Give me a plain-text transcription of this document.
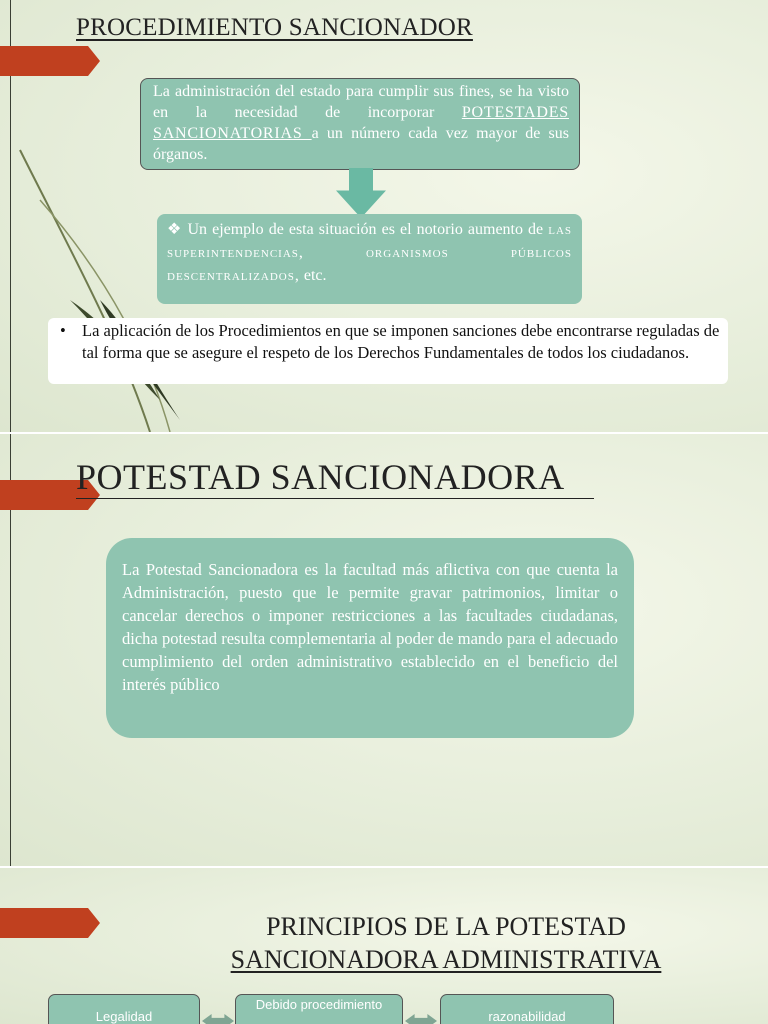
PROCEDIMIENTO SANCIONADOR
La administración del estado para cumplir sus fines, se ha visto en la necesidad de incorporar POTESTADES SANCIONATORIAS a un número cada vez mayor de sus órganos.
❖ Un ejemplo de esta situación es el notorio aumento de las superintendencias, organismos públicos descentralizados, etc.
• La aplicación de los Procedimientos en que se imponen sanciones debe encontrarse reguladas de tal forma que se asegure el respeto de los Derechos Fundamentales de todos los ciudadanos.
POTESTAD SANCIONADORA
La Potestad Sancionadora es la facultad más aflictiva con que cuenta la Administración, puesto que le permite gravar patrimonios, limitar o cancelar derechos o imponer restricciones a las facultades ciudadanas, dicha potestad resulta complementaria al poder de mando para el adecuado cumplimiento del orden administrativo establecido en el beneficio del interés público
PRINCIPIOS DE LA POTESTAD
SANCIONADORA ADMINISTRATIVA
Legalidad
Debido procedimiento
razonabilidad
